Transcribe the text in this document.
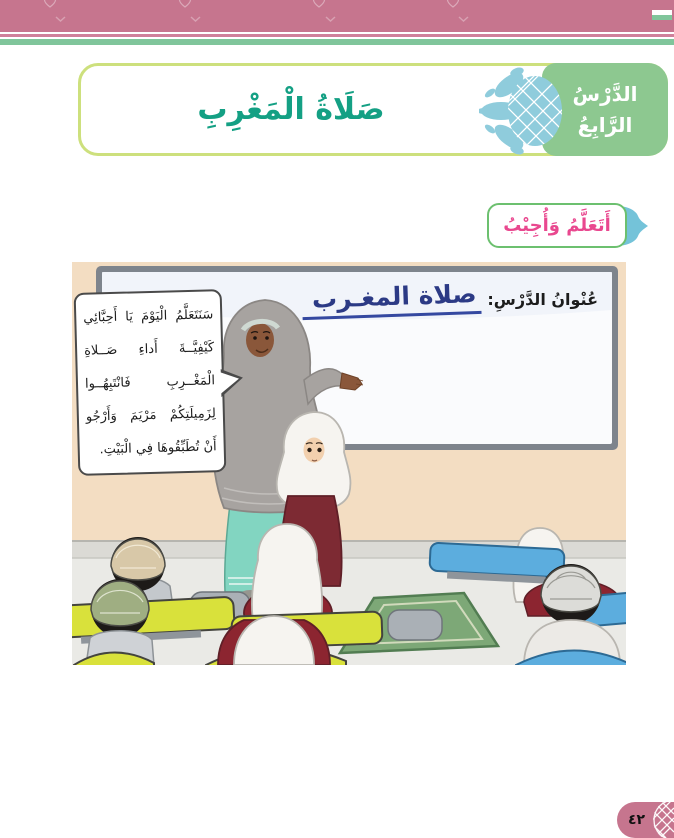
صَلَاةُ الْمَغْرِبِ	الدَّرْسُ
الرَّابِعُ
أَتَعَلَّمُ وَأُجِيْبُ
عُنْوانُ الدَّرْسِ:
صلاة المغـرب
سَنَتَعَلَّمُ الْيَوْمَ يَا أَحِبَّائِي
كَيْفِيَّــةَ أَداءِ صَــلاةِ
الْمَغْــرِبِ فَانْتَبِهُــوا
لِزَمِيلَتِكُمْ مَرْيَمَ وَأَرْجُو
أَنْ تُطَبِّقُوهَا فِي الْبَيْتِ.
٤٢
